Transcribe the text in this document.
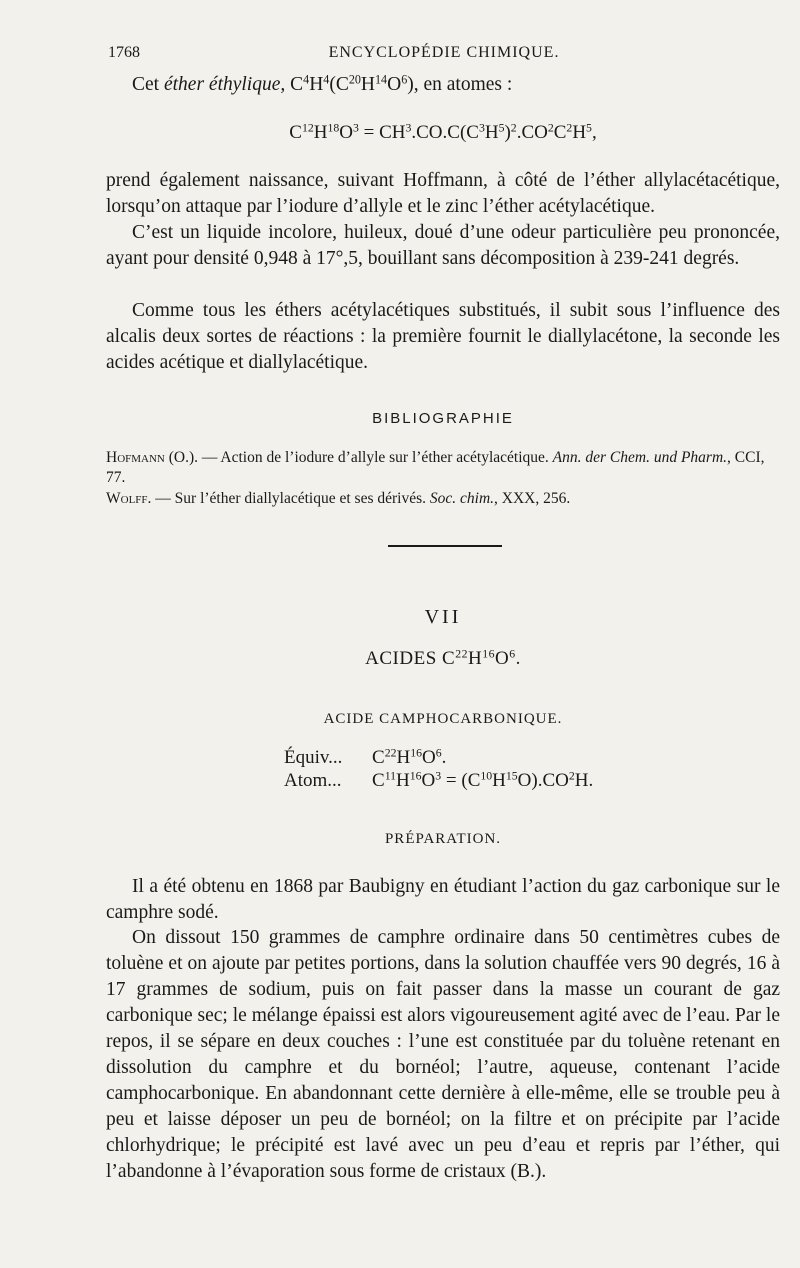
1768	ENCYCLOPÉDIE CHIMIQUE.
Cet éther éthylique, $C^4H^4(C^{20}H^{14}O^6)$, en atomes :
$C^{12}H^{18}O^3 = CH^3.CO.C(C^3H^5)^2.CO^2C^2H^5$,
prend également naissance, suivant Hoffmann, à côté de l’éther allylacétacétique, lorsqu’on attaque par l’iodure d’allyle et le zinc l’éther acétylacétique.
C’est un liquide incolore, huileux, doué d’une odeur particulière peu prononcée, ayant pour densité 0,948 à 17°,5, bouillant sans décomposition à 239-241 degrés.
Comme tous les éthers acétylacétiques substitués, il subit sous l’influence des alcalis deux sortes de réactions : la première fournit le diallylacétone, la seconde les acides acétique et diallylacétique.
BIBLIOGRAPHIE
Hofmann (O.). — Action de l’iodure d’allyle sur l’éther acétylacétique. Ann. der Chem. und Pharm., CCI, 77.
Wolff. — Sur l’éther diallylacétique et ses dérivés. Soc. chim., XXX, 256.
VII
ACIDES $C^{22}H^{16}O^6$.
ACIDE CAMPHOCARBONIQUE.
Équiv... $C^{22}H^{16}O^6$.
Atom... $C^{11}H^{16}O^3 = (C^{10}H^{15}O).CO^2H$.
PRÉPARATION.
Il a été obtenu en 1868 par Baubigny en étudiant l’action du gaz carbonique sur le camphre sodé.
On dissout 150 grammes de camphre ordinaire dans 50 centimètres cubes de toluène et on ajoute par petites portions, dans la solution chauffée vers 90 degrés, 16 à 17 grammes de sodium, puis on fait passer dans la masse un courant de gaz carbonique sec; le mélange épaissi est alors vigoureusement agité avec de l’eau. Par le repos, il se sépare en deux couches : l’une est constituée par du toluène retenant en dissolution du camphre et du bornéol; l’autre, aqueuse, contenant l’acide camphocarbonique. En abandonnant cette dernière à elle-même, elle se trouble peu à peu et laisse déposer un peu de bornéol; on la filtre et on précipite par l’acide chlorhydrique; le précipité est lavé avec un peu d’eau et repris par l’éther, qui l’abandonne à l’évaporation sous forme de cristaux (B.).
